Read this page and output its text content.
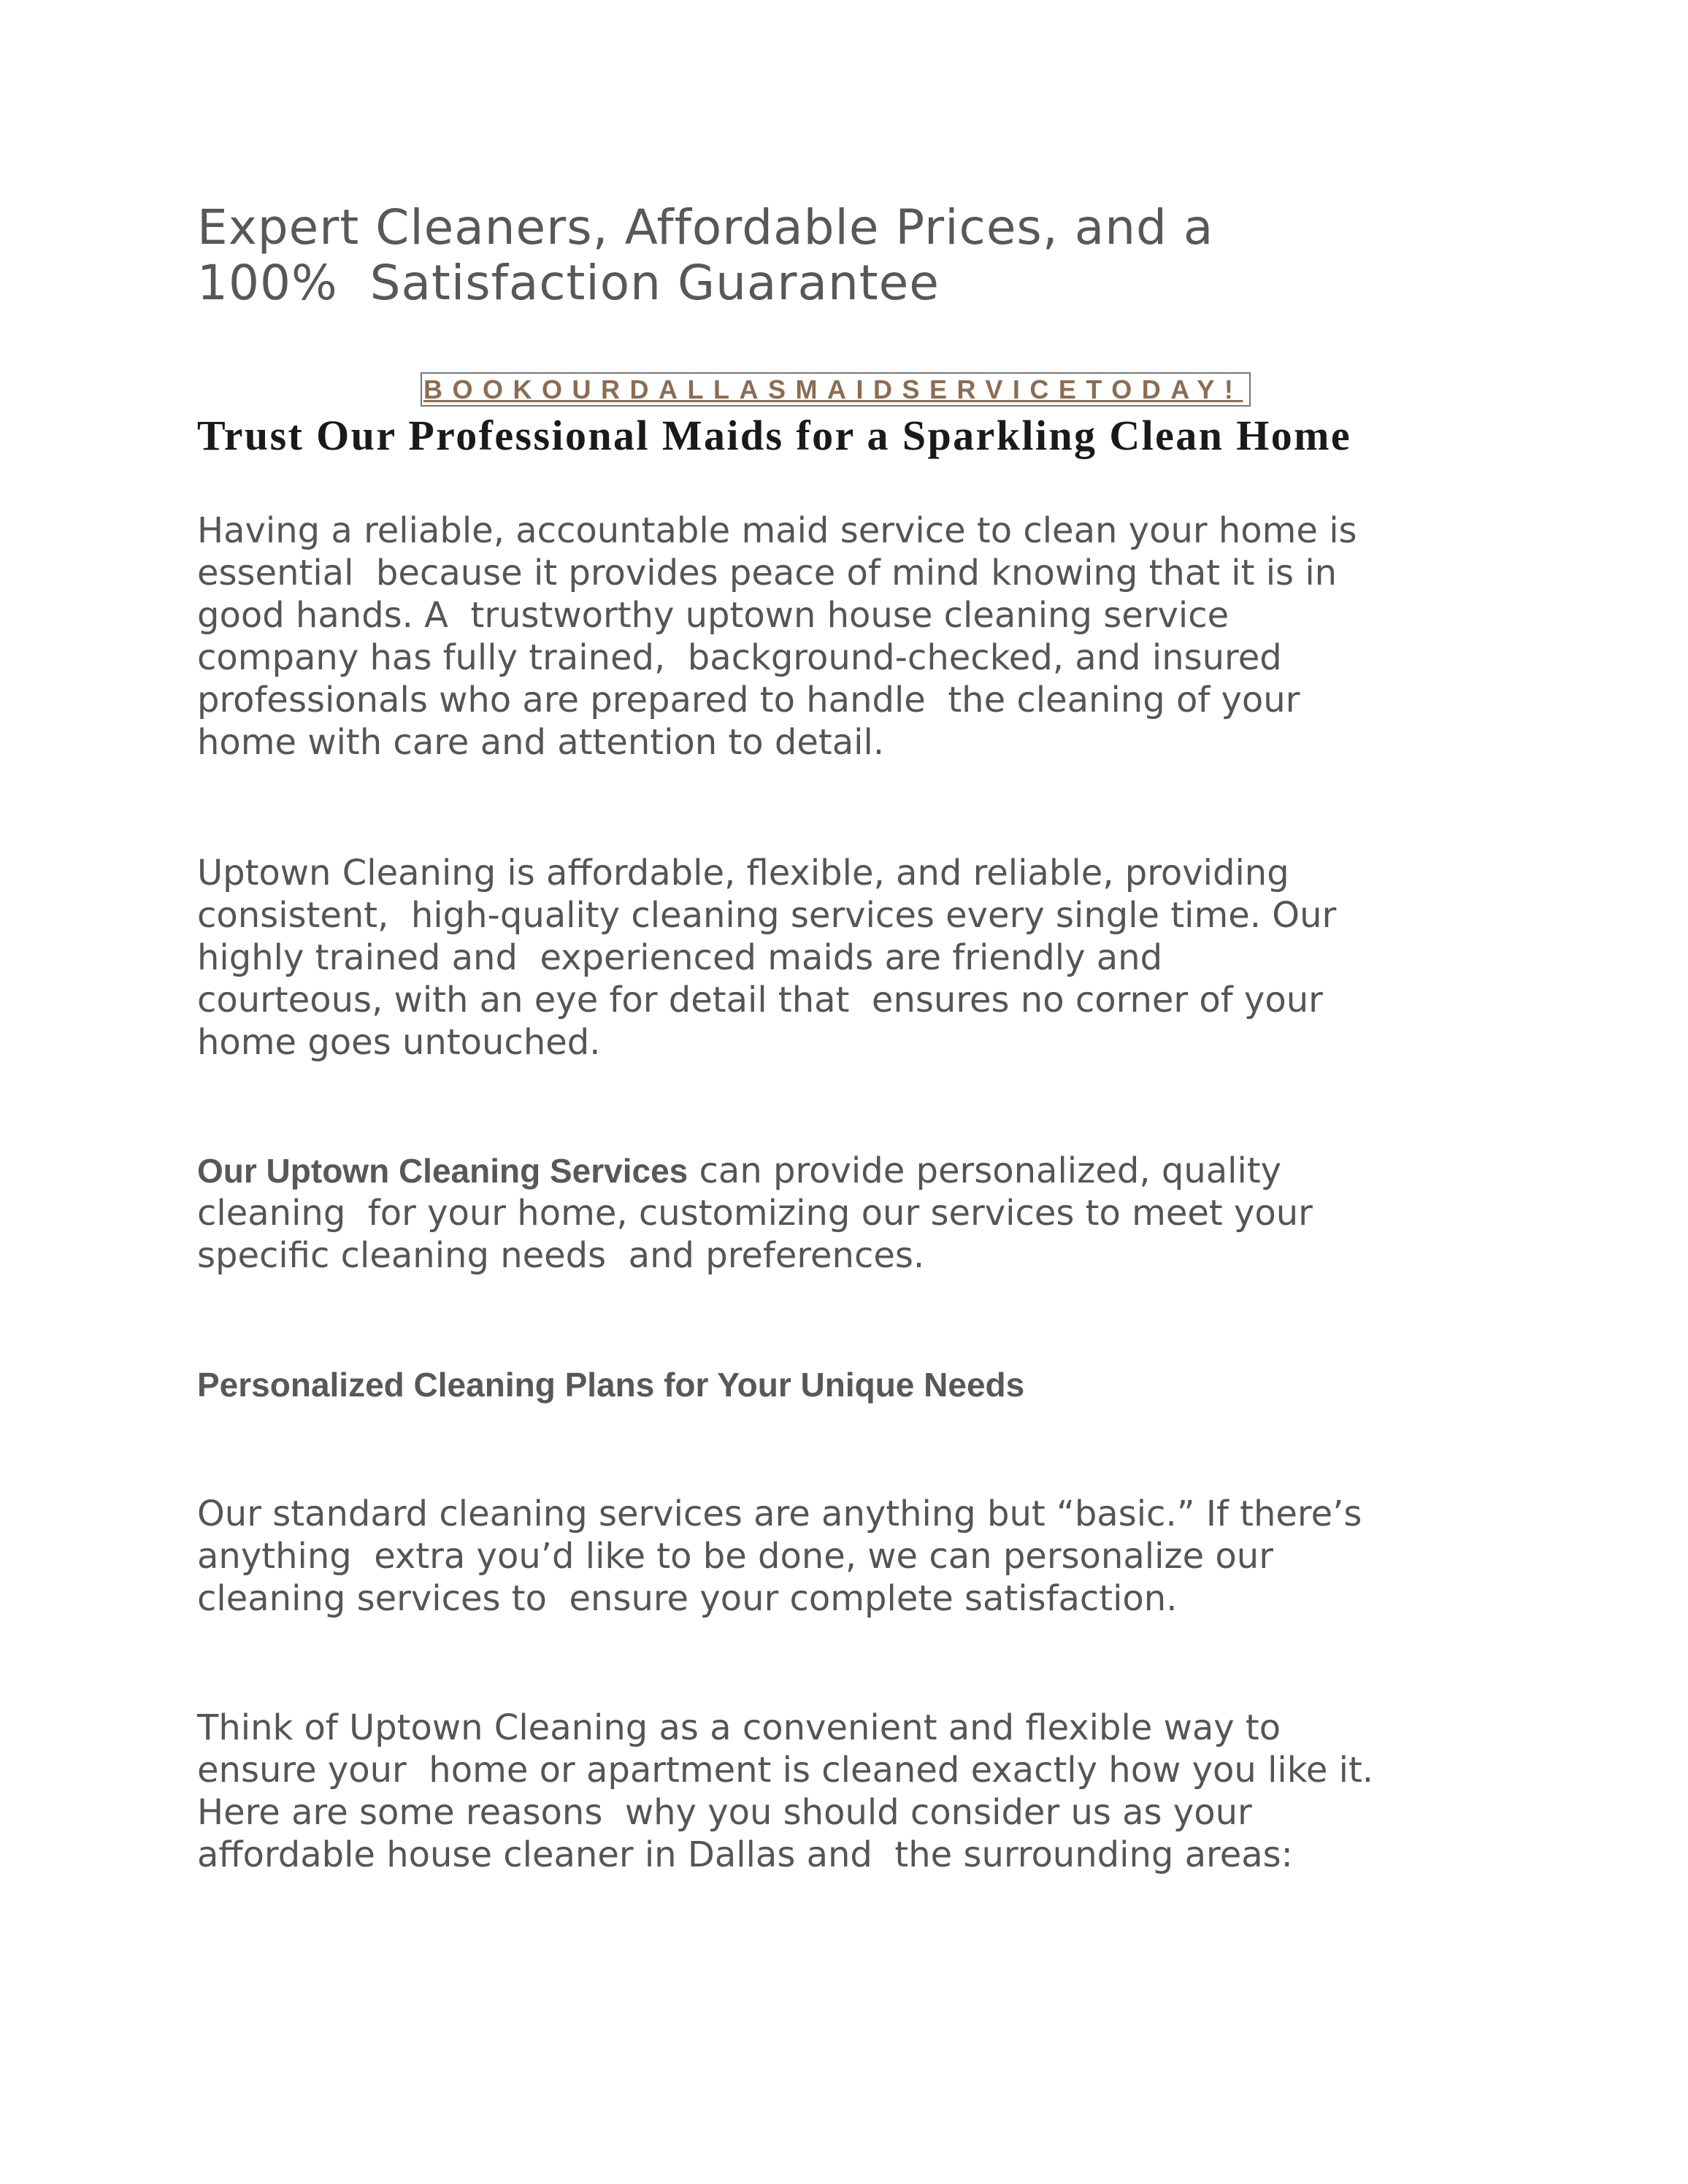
Expert Cleaners, Affordable Prices, and a
100%  Satisfaction Guarantee
BOOKOURDALLASMAIDSERVICETODAY!
Trust Our Professional Maids for a Sparkling Clean Home
Having a reliable, accountable maid service to clean your home is
essential  because it provides peace of mind knowing that it is in
good hands. A  trustworthy uptown house cleaning service
company has fully trained,  background-checked, and insured
professionals who are prepared to handle  the cleaning of your
home with care and attention to detail.
Uptown Cleaning is affordable, flexible, and reliable, providing
consistent,  high-quality cleaning services every single time. Our
highly trained and  experienced maids are friendly and
courteous, with an eye for detail that  ensures no corner of your
home goes untouched.
Our Uptown Cleaning Services can provide personalized, quality
cleaning  for your home, customizing our services to meet your
specific cleaning needs  and preferences.
Personalized Cleaning Plans for Your Unique Needs
Our standard cleaning services are anything but “basic.” If there’s
anything  extra you’d like to be done, we can personalize our
cleaning services to  ensure your complete satisfaction.
Think of Uptown Cleaning as a convenient and flexible way to
ensure your  home or apartment is cleaned exactly how you like it.
Here are some reasons  why you should consider us as your
affordable house cleaner in Dallas and  the surrounding areas:
